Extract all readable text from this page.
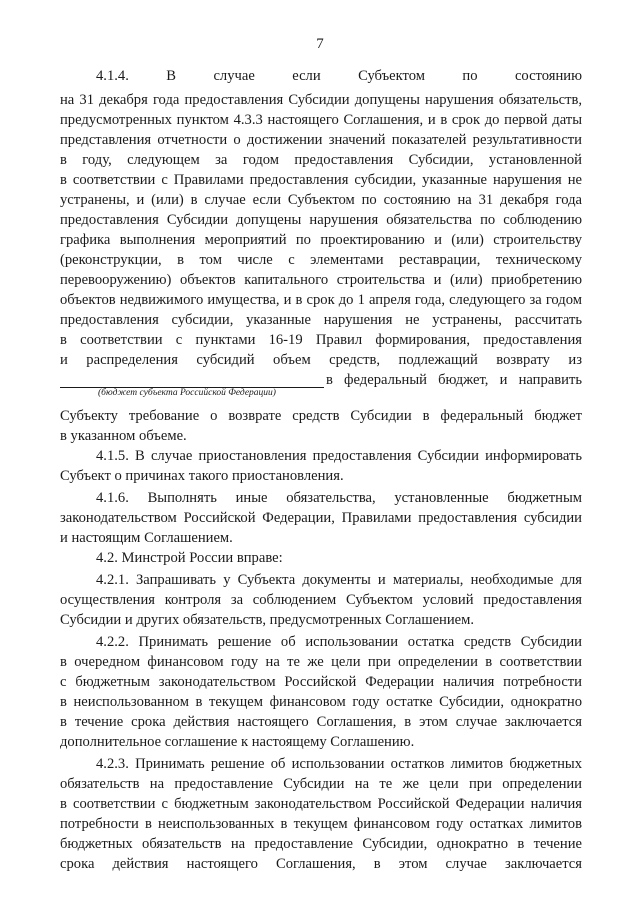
7
4.1.4. В случае если Субъектом по состоянию
на 31 декабря года предоставления Субсидии допущены нарушения обязательств,
предусмотренных пунктом 4.3.3 настоящего Соглашения, и в срок до первой даты
представления отчетности о достижении значений показателей результативности
в году, следующем за годом предоставления Субсидии, установленной
в соответствии с Правилами предоставления субсидии, указанные нарушения не
устранены, и (или) в случае если Субъектом по состоянию на 31 декабря года
предоставления Субсидии допущены нарушения обязательства по соблюдению
графика выполнения мероприятий по проектированию и (или) строительству
(реконструкции, в том числе с элементами реставрации, техническому
перевооружению) объектов капитального строительства и (или) приобретению
объектов недвижимого имущества, и в срок до 1 апреля года, следующего за годом
предоставления субсидии, указанные нарушения не устранены, рассчитать
в соответствии с пунктами 16-19 Правил формирования, предоставления
и распределения субсидий объем средств, подлежащий возврату из
в федеральный бюджет, и направить
(бюджет субъекта Российской Федерации)
Субъекту требование о возврате средств Субсидии в федеральный бюджет
в указанном объеме.
4.1.5. В случае приостановления предоставления Субсидии информировать
Субъект о причинах такого приостановления.
4.1.6. Выполнять иные обязательства, установленные бюджетным
законодательством Российской Федерации, Правилами предоставления субсидии
и настоящим Соглашением.
4.2. Минстрой России вправе:
4.2.1. Запрашивать у Субъекта документы и материалы, необходимые для
осуществления контроля за соблюдением Субъектом условий предоставления
Субсидии и других обязательств, предусмотренных Соглашением.
4.2.2. Принимать решение об использовании остатка средств Субсидии
в очередном финансовом году на те же цели при определении в соответствии
с бюджетным законодательством Российской Федерации наличия потребности
в неиспользованном в текущем финансовом году остатке Субсидии, однократно
в течение срока действия настоящего Соглашения, в этом случае заключается
дополнительное соглашение к настоящему Соглашению.
4.2.3. Принимать решение об использовании остатков лимитов бюджетных
обязательств на предоставление Субсидии на те же цели при определении
в соответствии с бюджетным законодательством Российской Федерации наличия
потребности в неиспользованных в текущем финансовом году остатках лимитов
бюджетных обязательств на предоставление Субсидии, однократно в течение
срока действия настоящего Соглашения, в этом случае заключается
